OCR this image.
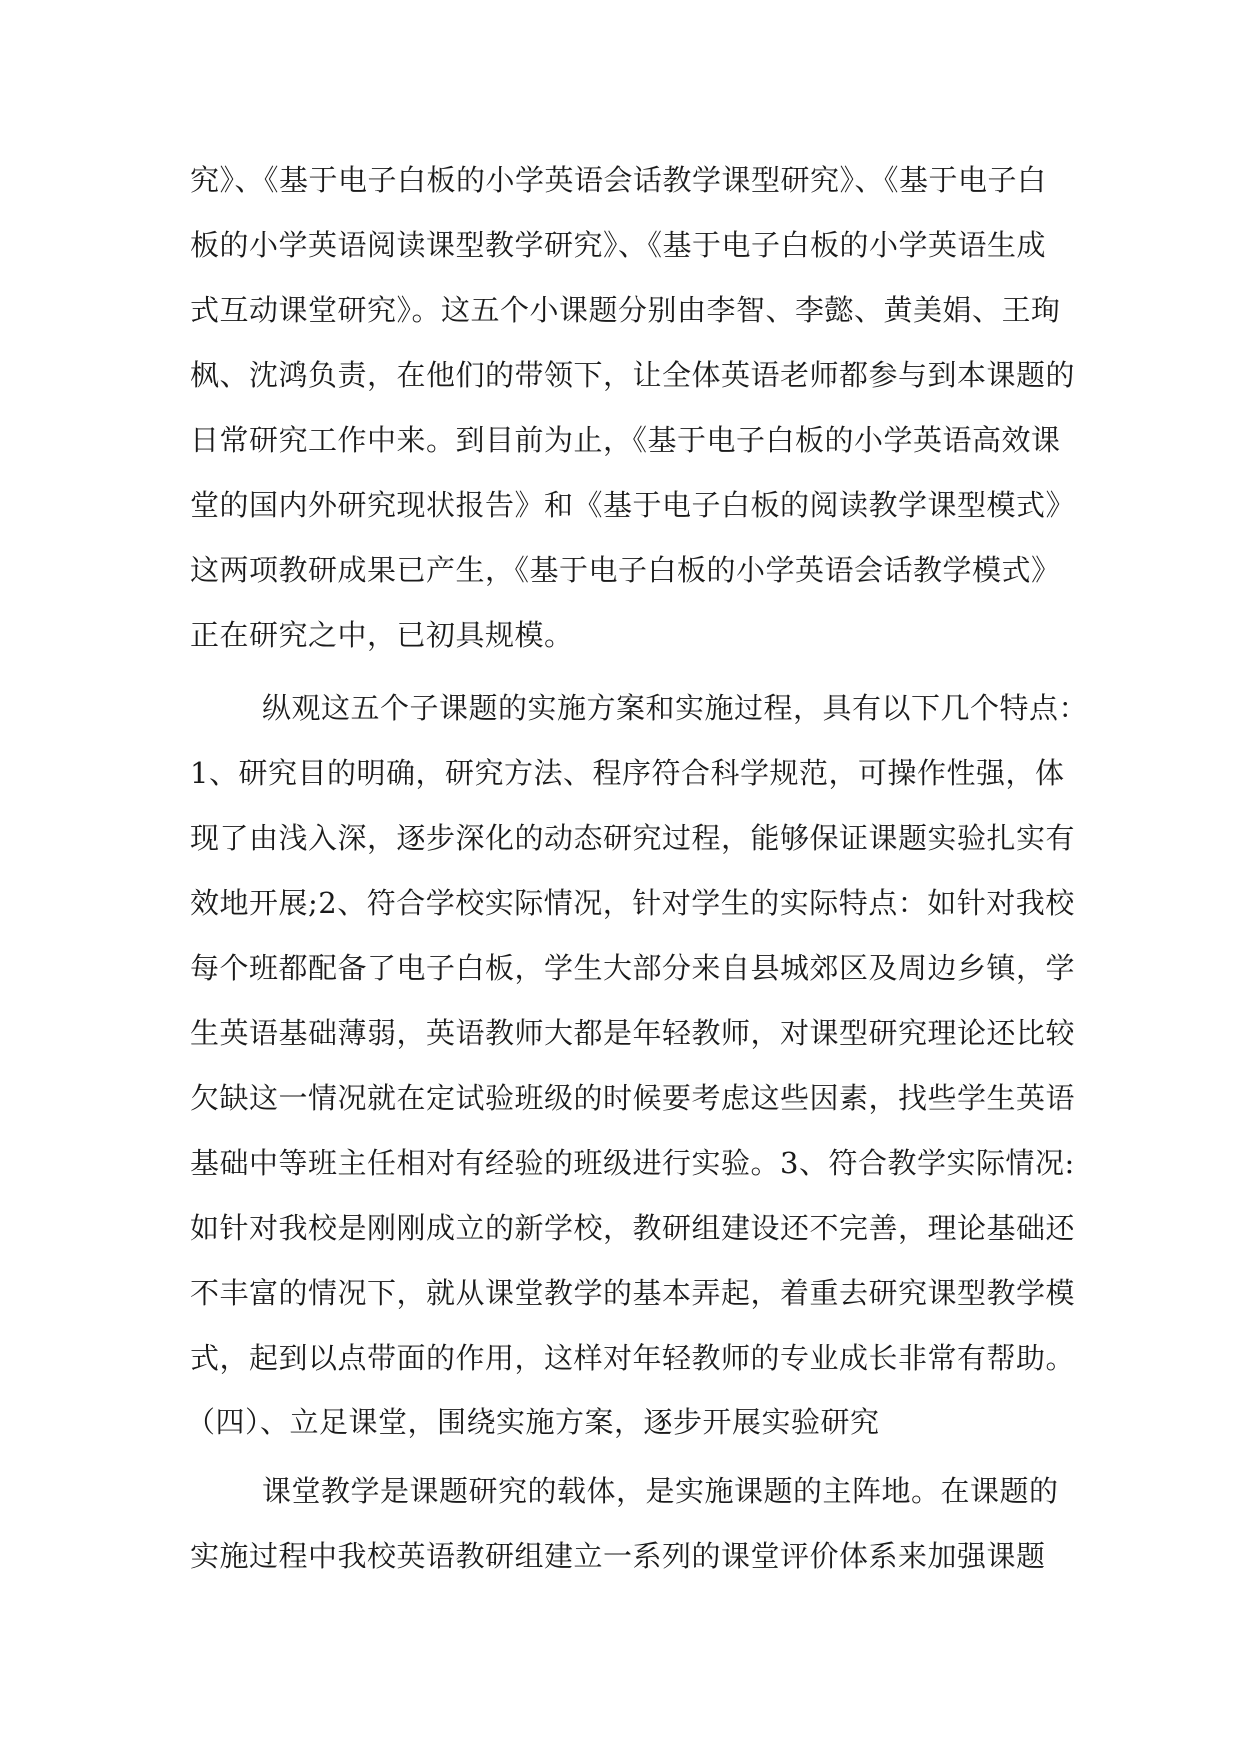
究》、《基于电子白板的小学英语会话教学课型研究》、《基于电子白
板的小学英语阅读课型教学研究》、《基于电子白板的小学英语生成
式互动课堂研究》。这五个小课题分别由李智、李懿、黄美娟、王珣
枫、沈鸿负责，在他们的带领下，让全体英语老师都参与到本课题的
日常研究工作中来。到目前为止，《基于电子白板的小学英语高效课
堂的国内外研究现状报告》和《基于电子白板的阅读教学课型模式》
这两项教研成果已产生，《基于电子白板的小学英语会话教学模式》
正在研究之中，已初具规模。
纵观这五个子课题的实施方案和实施过程，具有以下几个特点：
1、研究目的明确，研究方法、程序符合科学规范，可操作性强，体
现了由浅入深，逐步深化的动态研究过程，能够保证课题实验扎实有
效地开展;2、符合学校实际情况，针对学生的实际特点：如针对我校
每个班都配备了电子白板，学生大部分来自县城郊区及周边乡镇，学
生英语基础薄弱，英语教师大都是年轻教师，对课型研究理论还比较
欠缺这一情况就在定试验班级的时候要考虑这些因素，找些学生英语
基础中等班主任相对有经验的班级进行实验。3、符合教学实际情况:
如针对我校是刚刚成立的新学校，教研组建设还不完善，理论基础还
不丰富的情况下，就从课堂教学的基本弄起，着重去研究课型教学模
式，起到以点带面的作用，这样对年轻教师的专业成长非常有帮助。
（四）、立足课堂，围绕实施方案，逐步开展实验研究
课堂教学是课题研究的载体，是实施课题的主阵地。在课题的
实施过程中我校英语教研组建立一系列的课堂评价体系来加强课题
